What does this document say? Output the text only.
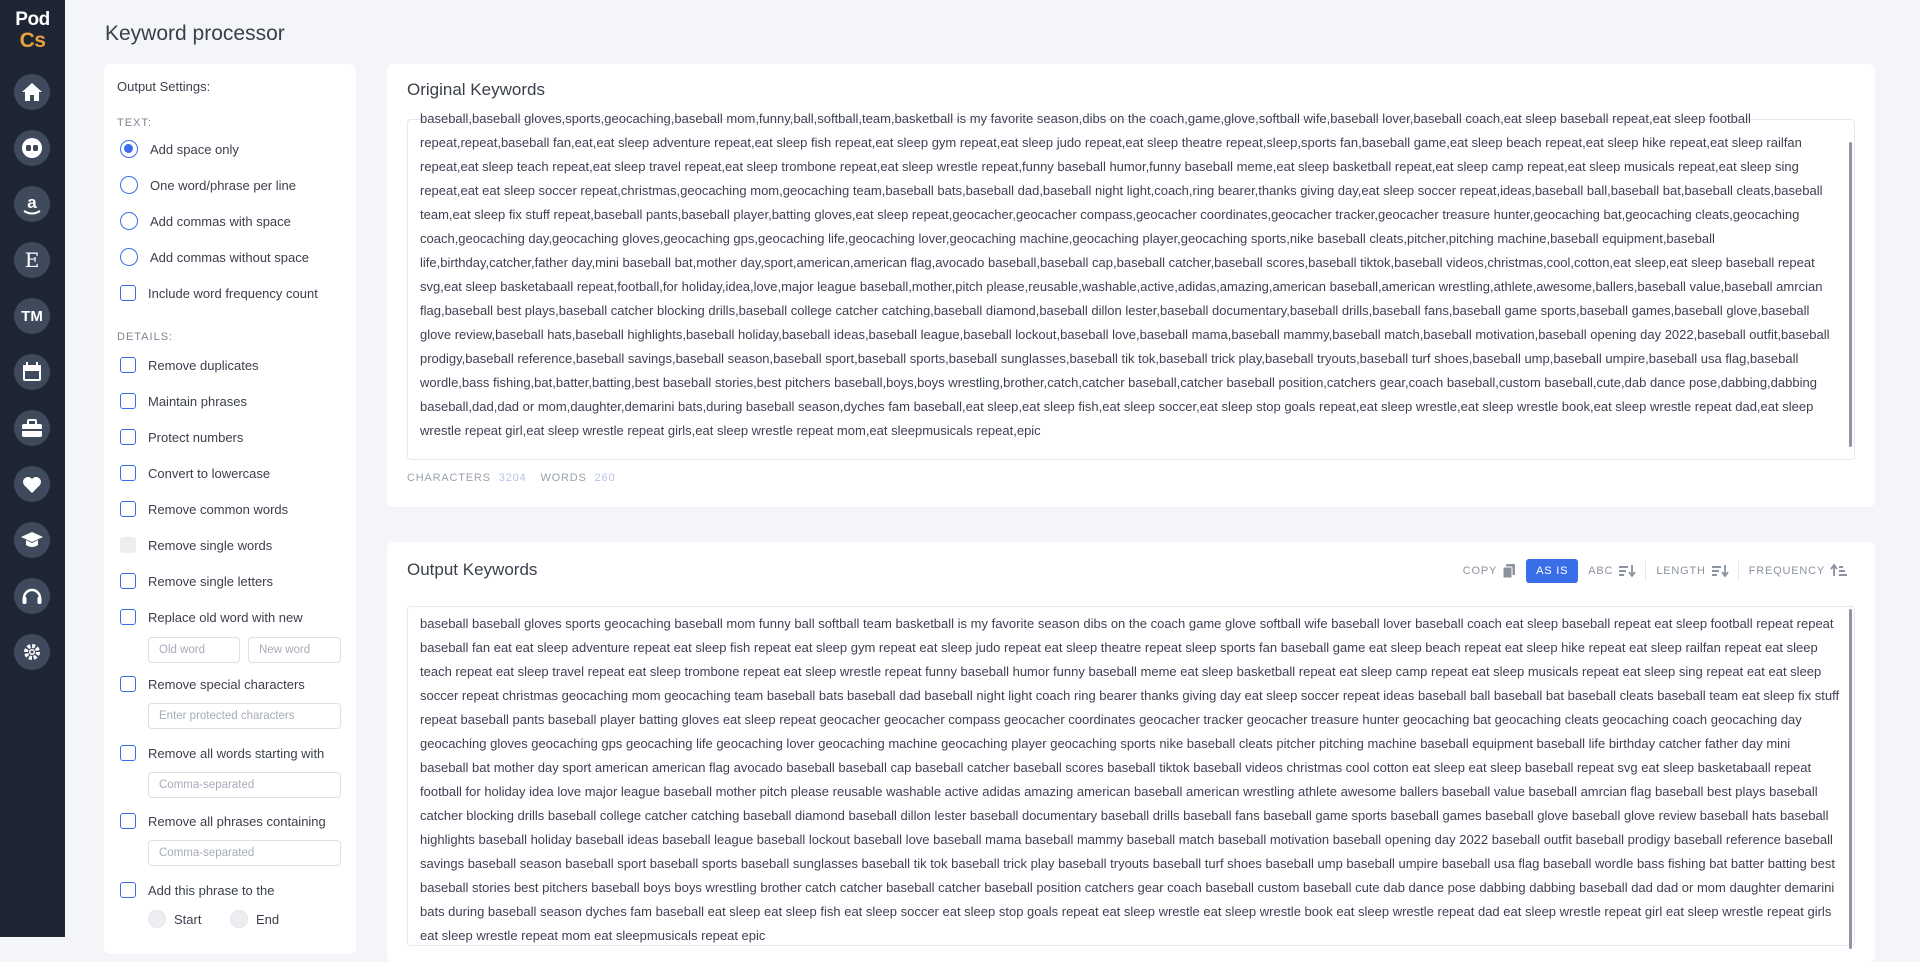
Pod
Cs
a
E
TM
Keyword processor
Output Settings:
TEXT:
Add space only
One word/phrase per line
Add commas with space
Add commas without space
Include word frequency count
DETAILS:
Remove duplicates
Maintain phrases
Protect numbers
Convert to lowercase
Remove common words
Remove single words
Remove single letters
Replace old word with new
Old word
New word
Remove special characters
Enter protected characters
Remove all words starting with
Comma-separated
Remove all phrases containing
Comma-separated
Add this phrase to the
Start	End
Original Keywords
baseball,baseball gloves,sports,geocaching,baseball mom,funny,ball,softball,team,basketball is my favorite season,dibs on the coach,game,glove,softball wife,baseball lover,baseball coach,eat sleep baseball repeat,eat sleep football repeat,repeat,baseball fan,eat,eat sleep adventure repeat,eat sleep fish repeat,eat sleep gym repeat,eat sleep judo repeat,eat sleep theatre repeat,sleep,sports fan,baseball game,eat sleep beach repeat,eat sleep hike repeat,eat sleep railfan repeat,eat sleep teach repeat,eat sleep travel repeat,eat sleep trombone repeat,eat sleep wrestle repeat,funny baseball humor,funny baseball meme,eat sleep basketball repeat,eat sleep camp repeat,eat sleep musicals repeat,eat sleep sing repeat,eat eat sleep soccer repeat,christmas,geocaching mom,geocaching team,baseball bats,baseball dad,baseball night light,coach,ring bearer,thanks giving day,eat sleep soccer repeat,ideas,baseball ball,baseball bat,baseball cleats,baseball team,eat sleep fix stuff repeat,baseball pants,baseball player,batting gloves,eat sleep repeat,geocacher,geocacher compass,geocacher coordinates,geocacher tracker,geocacher treasure hunter,geocaching bat,geocaching cleats,geocaching coach,geocaching day,geocaching gloves,geocaching gps,geocaching life,geocaching lover,geocaching machine,geocaching player,geocaching sports,nike baseball cleats,pitcher,pitching machine,baseball equipment,baseball life,birthday,catcher,father day,mini baseball bat,mother day,sport,american,american flag,avocado baseball,baseball cap,baseball catcher,baseball scores,baseball tiktok,baseball videos,christmas,cool,cotton,eat sleep,eat sleep baseball repeat svg,eat sleep basketabaall repeat,football,for holiday,idea,love,major league baseball,mother,pitch please,reusable,washable,active,adidas,amazing,american baseball,american wrestling,athlete,awesome,ballers,baseball value,baseball amrcian flag,baseball best plays,baseball catcher blocking drills,baseball college catcher catching,baseball diamond,baseball dillon lester,baseball documentary,baseball drills,baseball fans,baseball game sports,baseball games,baseball glove,baseball glove review,baseball hats,baseball highlights,baseball holiday,baseball ideas,baseball league,baseball lockout,baseball love,baseball mama,baseball mammy,baseball match,baseball motivation,baseball opening day 2022,baseball outfit,baseball prodigy,baseball reference,baseball savings,baseball season,baseball sport,baseball sports,baseball sunglasses,baseball tik tok,baseball trick play,baseball tryouts,baseball turf shoes,baseball ump,baseball umpire,baseball usa flag,baseball wordle,bass fishing,bat,batter,batting,best baseball stories,best pitchers baseball,boys,boys wrestling,brother,catch,catcher baseball,catcher baseball position,catchers gear,coach baseball,custom baseball,cute,dab dance pose,dabbing,dabbing baseball,dad,dad or mom,daughter,demarini bats,during baseball season,dyches fam baseball,eat sleep,eat sleep fish,eat sleep soccer,eat sleep stop goals repeat,eat sleep wrestle,eat sleep wrestle book,eat sleep wrestle repeat dad,eat sleep wrestle repeat girl,eat sleep wrestle repeat girls,eat sleep wrestle repeat mom,eat sleepmusicals repeat,epic
CHARACTERS 3204 WORDS 260
Output Keywords	COPY	AS IS ABC	LENGTH	FREQUENCY
baseball baseball gloves sports geocaching baseball mom funny ball softball team basketball is my favorite season dibs on the coach game glove softball wife baseball lover baseball coach eat sleep baseball repeat eat sleep football repeat repeat baseball fan eat eat sleep adventure repeat eat sleep fish repeat eat sleep gym repeat eat sleep judo repeat eat sleep theatre repeat sleep sports fan baseball game eat sleep beach repeat eat sleep hike repeat eat sleep railfan repeat eat sleep teach repeat eat sleep travel repeat eat sleep trombone repeat eat sleep wrestle repeat funny baseball humor funny baseball meme eat sleep basketball repeat eat sleep camp repeat eat sleep musicals repeat eat sleep sing repeat eat eat sleep soccer repeat christmas geocaching mom geocaching team baseball bats baseball dad baseball night light coach ring bearer thanks giving day eat sleep soccer repeat ideas baseball ball baseball bat baseball cleats baseball team eat sleep fix stuff repeat baseball pants baseball player batting gloves eat sleep repeat geocacher geocacher compass geocacher coordinates geocacher tracker geocacher treasure hunter geocaching bat geocaching cleats geocaching coach geocaching day geocaching gloves geocaching gps geocaching life geocaching lover geocaching machine geocaching player geocaching sports nike baseball cleats pitcher pitching machine baseball equipment baseball life birthday catcher father day mini baseball bat mother day sport american american flag avocado baseball baseball cap baseball catcher baseball scores baseball tiktok baseball videos christmas cool cotton eat sleep eat sleep baseball repeat svg eat sleep basketabaall repeat football for holiday idea love major league baseball mother pitch please reusable washable active adidas amazing american baseball american wrestling athlete awesome ballers baseball value baseball amrcian flag baseball best plays baseball catcher blocking drills baseball college catcher catching baseball diamond baseball dillon lester baseball documentary baseball drills baseball fans baseball game sports baseball games baseball glove baseball glove review baseball hats baseball highlights baseball holiday baseball ideas baseball league baseball lockout baseball love baseball mama baseball mammy baseball match baseball motivation baseball opening day 2022 baseball outfit baseball prodigy baseball reference baseball savings baseball season baseball sport baseball sports baseball sunglasses baseball tik tok baseball trick play baseball tryouts baseball turf shoes baseball ump baseball umpire baseball usa flag baseball wordle bass fishing bat batter batting best baseball stories best pitchers baseball boys boys wrestling brother catch catcher baseball catcher baseball position catchers gear coach baseball custom baseball cute dab dance pose dabbing dabbing baseball dad dad or mom daughter demarini bats during baseball season dyches fam baseball eat sleep eat sleep fish eat sleep soccer eat sleep stop goals repeat eat sleep wrestle eat sleep wrestle book eat sleep wrestle repeat dad eat sleep wrestle repeat girl eat sleep wrestle repeat girls eat sleep wrestle repeat mom eat sleepmusicals repeat epic
